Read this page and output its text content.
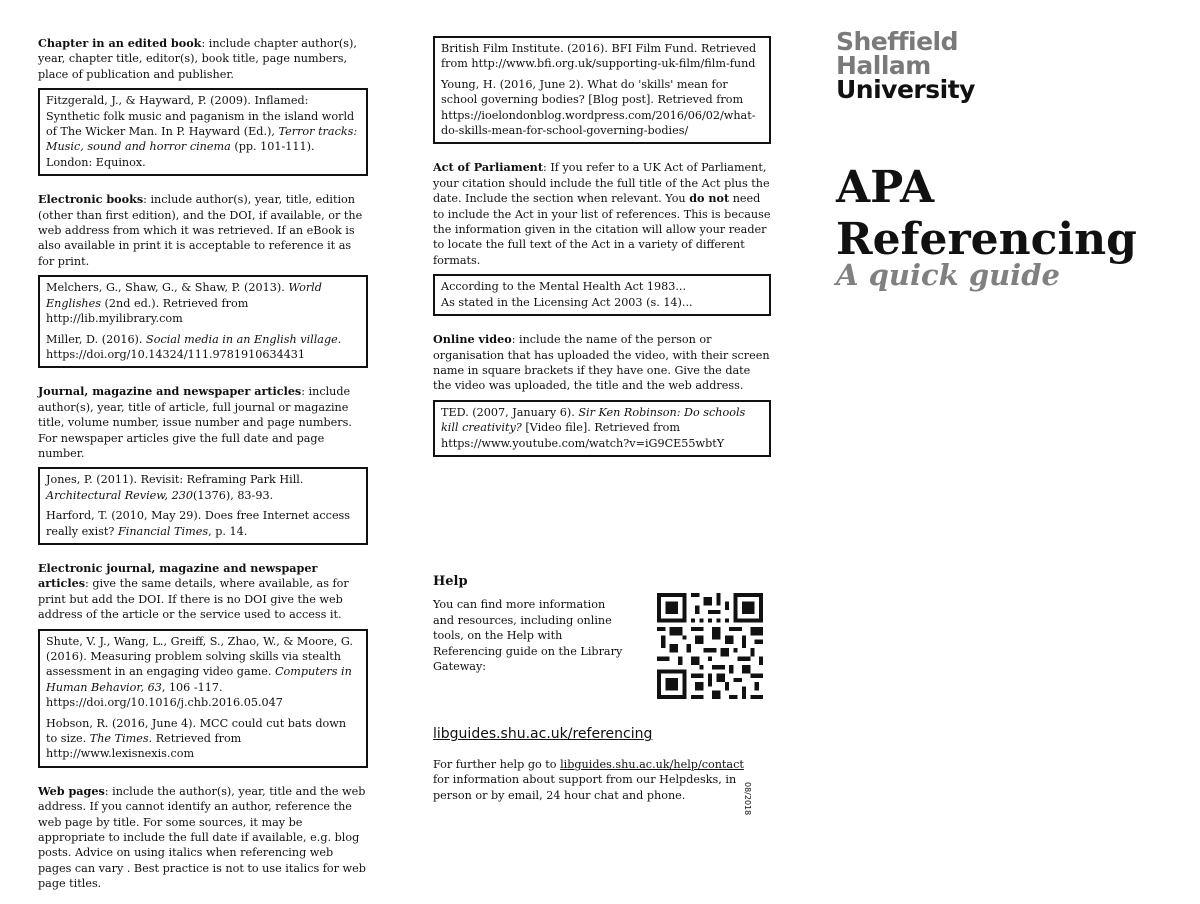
Chapter in an edited book: include chapter author(s), year, chapter title, editor(s), book title, page numbers, place of publication and publisher.

Fitzgerald, J., & Hayward, P. (2009). Inflamed: Synthetic folk music and paganism in the island world of The Wicker Man. In P. Hayward (Ed.), Terror tracks: Music, sound and horror cinema (pp. 101-111). London: Equinox.

Electronic books: include author(s), year, title, edition (other than first edition), and the DOI, if available, or the web address from which it was retrieved. If an eBook is also available in print it is acceptable to reference it as for print.

Melchers, G., Shaw, G., & Shaw, P. (2013). World Englishes (2nd ed.). Retrieved from http://lib.myilibrary.com

Miller, D. (2016). Social media in an English village. https://doi.org/10.14324/111.9781910634431

Journal, magazine and newspaper articles: include author(s), year, title of article, full journal or magazine title, volume number, issue number and page numbers. For newspaper articles give the full date and page number.

Jones, P. (2011). Revisit: Reframing Park Hill. Architectural Review, 230(1376), 83-93.

Harford, T. (2010, May 29). Does free Internet access really exist? Financial Times, p. 14.

Electronic journal, magazine and newspaper articles: give the same details, where available, as for print but add the DOI. If there is no DOI give the web address of the article or the service used to access it.

Shute, V. J., Wang, L., Greiff, S., Zhao, W., & Moore, G. (2016). Measuring problem solving skills via stealth assessment in an engaging video game. Computers in Human Behavior, 63, 106 -117. https://doi.org/10.1016/j.chb.2016.05.047

Hobson, R. (2016, June 4). MCC could cut bats down to size. The Times. Retrieved from http://www.lexisnexis.com

Web pages: include the author(s), year, title and the web address. If you cannot identify an author, reference the web page by title. For some sources, it may be appropriate to include the full date if available, e.g. blog posts. Advice on using italics when referencing web pages can vary . Best practice is not to use italics for web page titles.

British Film Institute. (2016). BFI Film Fund. Retrieved from http://www.bfi.org.uk/supporting-uk-film/film-fund

Young, H. (2016, June 2). What do 'skills' mean for school governing bodies? [Blog post]. Retrieved from https://ioelondonblog.wordpress.com/2016/06/02/what-do-skills-mean-for-school-governing-bodies/

Act of Parliament: If you refer to a UK Act of Parliament, your citation should include the full title of the Act plus the date. Include the section when relevant. You do not need to include the Act in your list of references. This is because the information given in the citation will allow your reader to locate the full text of the Act in a variety of different formats.

According to the Mental Health Act 1983...

As stated in the Licensing Act 2003 (s. 14)...

Online video: include the name of the person or organisation that has uploaded the video, with their screen name in square brackets if they have one. Give the date the video was uploaded, the title and the web address.

TED. (2007, January 6). Sir Ken Robinson: Do schools kill creativity? [Video file]. Retrieved from https://www.youtube.com/watch?v=iG9CE55wbtY

Help
You can find more information and resources, including online tools, on the Help with Referencing guide on the Library Gateway:
libguides.shu.ac.uk/referencing

For further help go to libguides.shu.ac.uk/help/contact for information about support from our Helpdesks, in person or by email, 24 hour chat and phone.	08/2018
Sheffield
Hallam
University
APA
Referencing
A quick guide
